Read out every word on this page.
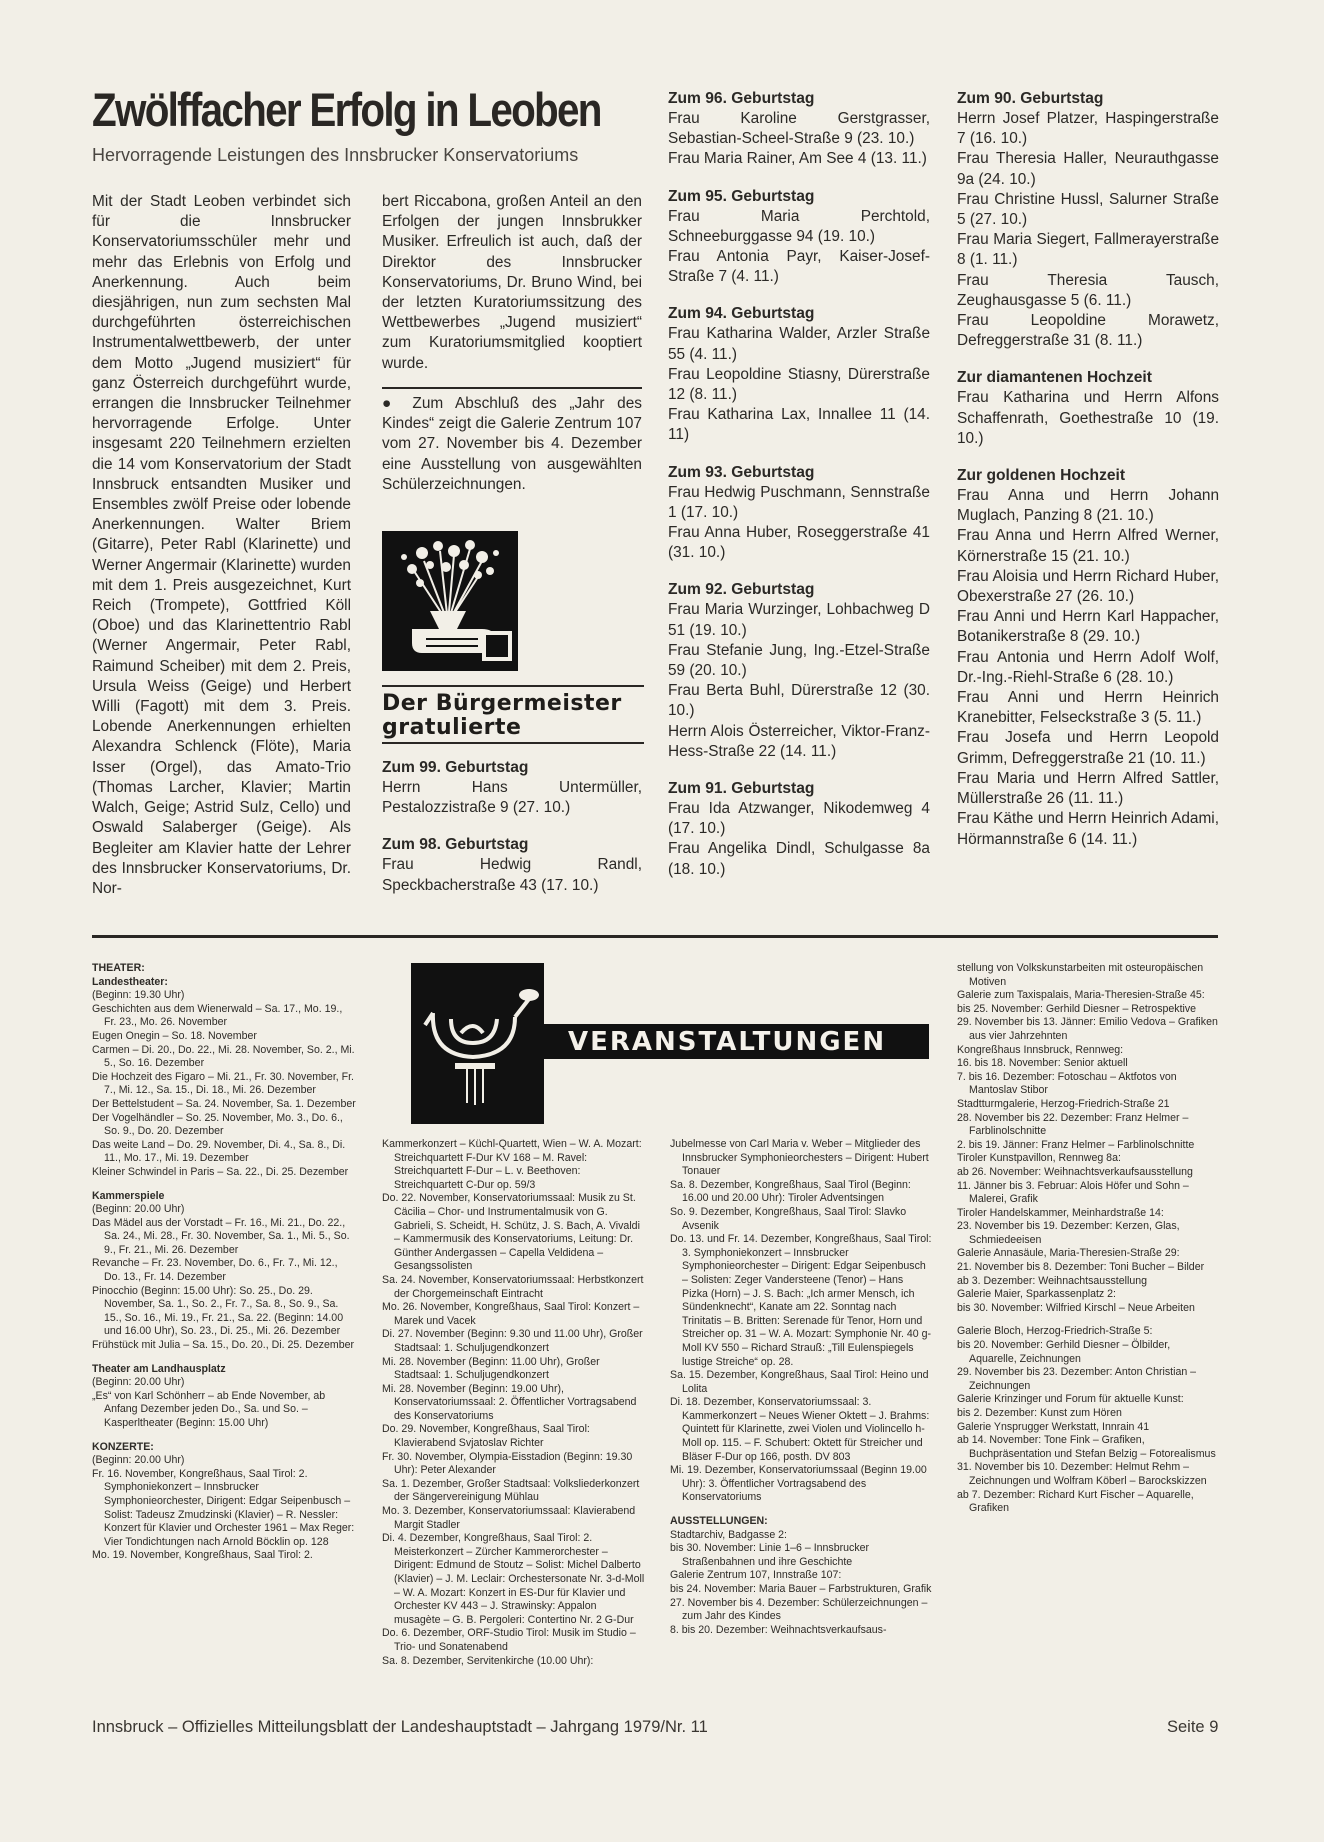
Zwölffacher Erfolg in Leoben
Hervorragende Leistungen des Innsbrucker Konservatoriums

Mit der Stadt Leoben verbindet sich für die Innsbrucker Konservatoriumsschüler mehr und mehr das Erlebnis von Erfolg und Anerkennung. Auch beim diesjährigen, nun zum sechsten Mal durchgeführten österreichischen Instrumentalwettbewerb, der unter dem Motto „Jugend musiziert“ für ganz Österreich durchgeführt wurde, errangen die Innsbrucker Teilnehmer hervorragende Erfolge. Unter insgesamt 220 Teilnehmern erzielten die 14 vom Konservatorium der Stadt Innsbruck entsandten Musiker und Ensembles zwölf Preise oder lobende Anerkennungen. Walter Briem (Gitarre), Peter Rabl (Klarinette) und Werner Angermair (Klarinette) wurden mit dem 1. Preis ausgezeichnet, Kurt Reich (Trompete), Gottfried Köll (Oboe) und das Klarinettentrio Rabl (Werner Angermair, Peter Rabl, Raimund Scheiber) mit dem 2. Preis, Ursula Weiss (Geige) und Herbert Willi (Fagott) mit dem 3. Preis. Lobende Anerkennungen erhielten Alexandra Schlenck (Flöte), Maria Isser (Orgel), das Amato-Trio (Thomas Larcher, Klavier; Martin Walch, Geige; Astrid Sulz, Cello) und Oswald Salaberger (Geige). Als Begleiter am Klavier hatte der Lehrer des Innsbrucker Konservatoriums, Dr. Nor-

bert Riccabona, großen Anteil an den Erfolgen der jungen Innsbrukker Musiker. Erfreulich ist auch, daß der Direktor des Innsbrucker Konservatoriums, Dr. Bruno Wind, bei der letzten Kuratoriumssitzung des Wettbewerbes „Jugend musiziert“ zum Kuratoriumsmitglied kooptiert wurde.

● Zum Abschluß des „Jahr des Kindes“ zeigt die Galerie Zentrum 107 vom 27. November bis 4. Dezember eine Ausstellung von ausgewählten Schülerzeichnungen.

Der Bürgermeister
gratulierte
Zum 99. Geburtstag
Herrn Hans Untermüller, Pestalozzistraße 9 (27. 10.)
Zum 98. Geburtstag
Frau Hedwig Randl, Speckbacherstraße 43 (17. 10.)
Zum 96. Geburtstag
Frau Karoline Gerstgrasser, Sebastian-Scheel-Straße 9 (23. 10.)
Frau Maria Rainer, Am See 4 (13. 11.)
Zum 95. Geburtstag
Frau Maria Perchtold, Schneeburggasse 94 (19. 10.)
Frau Antonia Payr, Kaiser-Josef-Straße 7 (4. 11.)
Zum 94. Geburtstag
Frau Katharina Walder, Arzler Straße 55 (4. 11.)
Frau Leopoldine Stiasny, Dürerstraße 12 (8. 11.)
Frau Katharina Lax, Innallee 11 (14. 11)
Zum 93. Geburtstag
Frau Hedwig Puschmann, Sennstraße 1 (17. 10.)
Frau Anna Huber, Roseggerstraße 41 (31. 10.)
Zum 92. Geburtstag
Frau Maria Wurzinger, Lohbachweg D 51 (19. 10.)
Frau Stefanie Jung, Ing.-Etzel-Straße 59 (20. 10.)
Frau Berta Buhl, Dürerstraße 12 (30. 10.)
Herrn Alois Österreicher, Viktor-Franz-Hess-Straße 22 (14. 11.)
Zum 91. Geburtstag
Frau Ida Atzwanger, Nikodemweg 4 (17. 10.)
Frau Angelika Dindl, Schulgasse 8a (18. 10.)
Zum 90. Geburtstag
Herrn Josef Platzer, Haspingerstraße 7 (16. 10.)
Frau Theresia Haller, Neurauthgasse 9a (24. 10.)
Frau Christine Hussl, Salurner Straße 5 (27. 10.)
Frau Maria Siegert, Fallmerayerstraße 8 (1. 11.)
Frau Theresia Tausch, Zeughausgasse 5 (6. 11.)
Frau Leopoldine Morawetz, Defreggerstraße 31 (8. 11.)
Zur diamantenen Hochzeit
Frau Katharina und Herrn Alfons Schaffenrath, Goethestraße 10 (19. 10.)
Zur goldenen Hochzeit
Frau Anna und Herrn Johann Muglach, Panzing 8 (21. 10.)
Frau Anna und Herrn Alfred Werner, Körnerstraße 15 (21. 10.)
Frau Aloisia und Herrn Richard Huber, Obexerstraße 27 (26. 10.)
Frau Anni und Herrn Karl Happacher, Botanikerstraße 8 (29. 10.)
Frau Antonia und Herrn Adolf Wolf, Dr.-Ing.-Riehl-Straße 6 (28. 10.)
Frau Anni und Herrn Heinrich Kranebitter, Felseckstraße 3 (5. 11.)
Frau Josefa und Herrn Leopold Grimm, Defreggerstraße 21 (10. 11.)
Frau Maria und Herrn Alfred Sattler, Müllerstraße 26 (11. 11.)
Frau Käthe und Herrn Heinrich Adami, Hörmannstraße 6 (14. 11.)
THEATER:
Landestheater:
(Beginn: 19.30 Uhr)
Geschichten aus dem Wienerwald – Sa. 17., Mo. 19., Fr. 23., Mo. 26. November
Eugen Onegin – So. 18. November
Carmen – Di. 20., Do. 22., Mi. 28. November, So. 2., Mi. 5., So. 16. Dezember
Die Hochzeit des Figaro – Mi. 21., Fr. 30. November, Fr. 7., Mi. 12., Sa. 15., Di. 18., Mi. 26. Dezember
Der Bettelstudent – Sa. 24. November, Sa. 1. Dezember
Der Vogelhändler – So. 25. November, Mo. 3., Do. 6., So. 9., Do. 20. Dezember
Das weite Land – Do. 29. November, Di. 4., Sa. 8., Di. 11., Mo. 17., Mi. 19. Dezember
Kleiner Schwindel in Paris – Sa. 22., Di. 25. Dezember
Kammerspiele
(Beginn: 20.00 Uhr)
Das Mädel aus der Vorstadt – Fr. 16., Mi. 21., Do. 22., Sa. 24., Mi. 28., Fr. 30. November, Sa. 1., Mi. 5., So. 9., Fr. 21., Mi. 26. Dezember
Revanche – Fr. 23. November, Do. 6., Fr. 7., Mi. 12., Do. 13., Fr. 14. Dezember
Pinocchio (Beginn: 15.00 Uhr): So. 25., Do. 29. November, Sa. 1., So. 2., Fr. 7., Sa. 8., So. 9., Sa. 15., So. 16., Mi. 19., Fr. 21., Sa. 22. (Beginn: 14.00 und 16.00 Uhr), So. 23., Di. 25., Mi. 26. Dezember
Frühstück mit Julia – Sa. 15., Do. 20., Di. 25. Dezember
Theater am Landhausplatz
(Beginn: 20.00 Uhr)
„Es“ von Karl Schönherr – ab Ende November, ab Anfang Dezember jeden Do., Sa. und So. – Kasperltheater (Beginn: 15.00 Uhr)
KONZERTE:
(Beginn: 20.00 Uhr)
Fr. 16. November, Kongreßhaus, Saal Tirol: 2. Symphoniekonzert – Innsbrucker Symphonieorchester, Dirigent: Edgar Seipenbusch – Solist: Tadeusz Zmudzinski (Klavier) – R. Nessler: Konzert für Klavier und Orchester 1961 – Max Reger: Vier Tondichtungen nach Arnold Böcklin op. 128
Mo. 19. November, Kongreßhaus, Saal Tirol: 2.
VERANSTALTUNGEN
Kammerkonzert – Küchl-Quartett, Wien – W. A. Mozart: Streichquartett F-Dur KV 168 – M. Ravel: Streichquartett F-Dur – L. v. Beethoven: Streichquartett C-Dur op. 59/3
Do. 22. November, Konservatoriumssaal: Musik zu St. Cäcilia – Chor- und Instrumentalmusik von G. Gabrieli, S. Scheidt, H. Schütz, J. S. Bach, A. Vivaldi – Kammermusik des Konservatoriums, Leitung: Dr. Günther Andergassen – Capella Veldidena – Gesangssolisten
Sa. 24. November, Konservatoriumssaal: Herbstkonzert der Chorgemeinschaft Eintracht
Mo. 26. November, Kongreßhaus, Saal Tirol: Konzert – Marek und Vacek
Di. 27. November (Beginn: 9.30 und 11.00 Uhr), Großer Stadtsaal: 1. Schuljugendkonzert
Mi. 28. November (Beginn: 11.00 Uhr), Großer Stadtsaal: 1. Schuljugendkonzert
Mi. 28. November (Beginn: 19.00 Uhr), Konservatoriumssaal: 2. Öffentlicher Vortragsabend des Konservatoriums
Do. 29. November, Kongreßhaus, Saal Tirol: Klavierabend Svjatoslav Richter
Fr. 30. November, Olympia-Eisstadion (Beginn: 19.30 Uhr): Peter Alexander
Sa. 1. Dezember, Großer Stadtsaal: Volksliederkonzert der Sängervereinigung Mühlau
Mo. 3. Dezember, Konservatoriumssaal: Klavierabend Margit Stadler
Di. 4. Dezember, Kongreßhaus, Saal Tirol: 2. Meisterkonzert – Zürcher Kammerorchester – Dirigent: Edmund de Stoutz – Solist: Michel Dalberto (Klavier) – J. M. Leclair: Orchestersonate Nr. 3-d-Moll – W. A. Mozart: Konzert in ES-Dur für Klavier und Orchester KV 443 – J. Strawinsky: Appalon musagète – G. B. Pergoleri: Contertino Nr. 2 G-Dur
Do. 6. Dezember, ORF-Studio Tirol: Musik im Studio – Trio- und Sonatenabend
Sa. 8. Dezember, Servitenkirche (10.00 Uhr):
Jubelmesse von Carl Maria v. Weber – Mitglieder des Innsbrucker Symphonieorchesters – Dirigent: Hubert Tonauer
Sa. 8. Dezember, Kongreßhaus, Saal Tirol (Beginn: 16.00 und 20.00 Uhr): Tiroler Adventsingen
So. 9. Dezember, Kongreßhaus, Saal Tirol: Slavko Avsenik
Do. 13. und Fr. 14. Dezember, Kongreßhaus, Saal Tirol: 3. Symphoniekonzert – Innsbrucker Symphonieorchester – Dirigent: Edgar Seipenbusch – Solisten: Zeger Vandersteene (Tenor) – Hans Pizka (Horn) – J. S. Bach: „Ich armer Mensch, ich Sündenknecht“, Kanate am 22. Sonntag nach Trinitatis – B. Britten: Serenade für Tenor, Horn und Streicher op. 31 – W. A. Mozart: Symphonie Nr. 40 g-Moll KV 550 – Richard Strauß: „Till Eulenspiegels lustige Streiche“ op. 28.
Sa. 15. Dezember, Kongreßhaus, Saal Tirol: Heino und Lolita
Di. 18. Dezember, Konservatoriumssaal: 3. Kammerkonzert – Neues Wiener Oktett – J. Brahms: Quintett für Klarinette, zwei Violen und Violincello h-Moll op. 115. – F. Schubert: Oktett für Streicher und Bläser F-Dur op 166, posth. DV 803
Mi. 19. Dezember, Konservatoriumssaal (Beginn 19.00 Uhr): 3. Öffentlicher Vortragsabend des Konservatoriums
AUSSTELLUNGEN:
Stadtarchiv, Badgasse 2:
bis 30. November: Linie 1–6 – Innsbrucker Straßenbahnen und ihre Geschichte
Galerie Zentrum 107, Innstraße 107:
bis 24. November: Maria Bauer – Farbstrukturen, Grafik
27. November bis 4. Dezember: Schülerzeichnungen – zum Jahr des Kindes
8. bis 20. Dezember: Weihnachtsverkaufsaus-
stellung von Volkskunstarbeiten mit osteuropäischen Motiven
Galerie zum Taxispalais, Maria-Theresien-Straße 45:
bis 25. November: Gerhild Diesner – Retrospektive
29. November bis 13. Jänner: Emilio Vedova – Grafiken aus vier Jahrzehnten
Kongreßhaus Innsbruck, Rennweg:
16. bis 18. November: Senior aktuell
7. bis 16. Dezember: Fotoschau – Aktfotos von Mantoslav Stibor
Stadtturmgalerie, Herzog-Friedrich-Straße 21
28. November bis 22. Dezember: Franz Helmer – Farblinolschnitte
2. bis 19. Jänner: Franz Helmer – Farblinolschnitte
Tiroler Kunstpavillon, Rennweg 8a:
ab 26. November: Weihnachtsverkaufsausstellung
11. Jänner bis 3. Februar: Alois Höfer und Sohn – Malerei, Grafik
Tiroler Handelskammer, Meinhardstraße 14:
23. November bis 19. Dezember: Kerzen, Glas, Schmiedeeisen
Galerie Annasäule, Maria-Theresien-Straße 29:
21. November bis 8. Dezember: Toni Bucher – Bilder
ab 3. Dezember: Weihnachtsausstellung
Galerie Maier, Sparkassenplatz 2:
bis 30. November: Wilfried Kirschl – Neue Arbeiten
Galerie Bloch, Herzog-Friedrich-Straße 5:
bis 20. November: Gerhild Diesner – Ölbilder, Aquarelle, Zeichnungen
29. November bis 23. Dezember: Anton Christian – Zeichnungen
Galerie Krinzinger und Forum für aktuelle Kunst:
bis 2. Dezember: Kunst zum Hören
Galerie Ynsprugger Werkstatt, Innrain 41
ab 14. November: Tone Fink – Grafiken, Buchpräsentation und Stefan Belzig – Fotorealismus
31. November bis 10. Dezember: Helmut Rehm – Zeichnungen und Wolfram Köberl – Barockskizzen
ab 7. Dezember: Richard Kurt Fischer – Aquarelle, Grafiken
Innsbruck – Offizielles Mitteilungsblatt der Landeshauptstadt – Jahrgang 1979/Nr. 11	Seite 9
